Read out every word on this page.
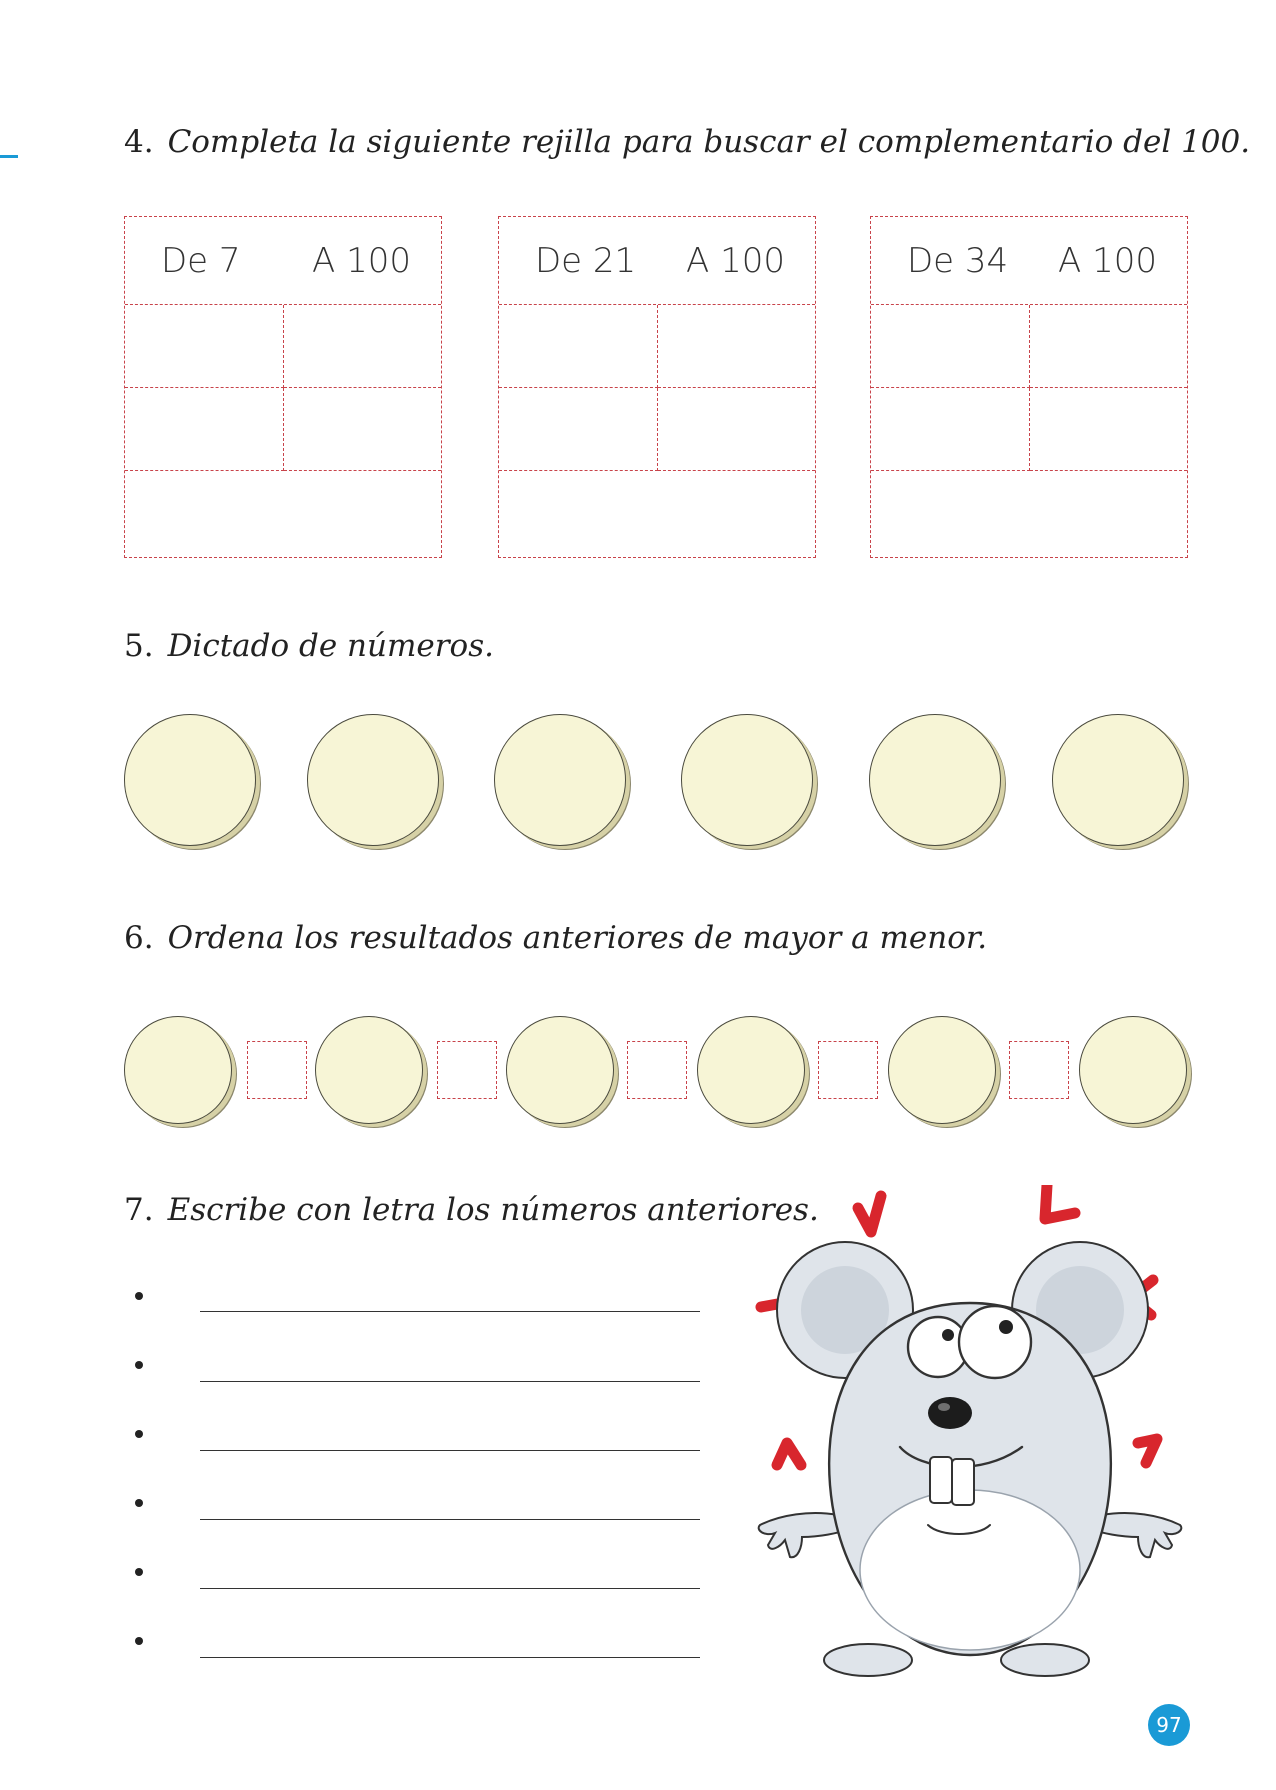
4. Completa la siguiente rejilla para buscar el complementario del 100.
De 7 A 100	De 21 A 100	De 34 A 100
5. Dictado de números.
6. Ordena los resultados anteriores de mayor a menor.
7. Escribe con letra los números anteriores.
97
